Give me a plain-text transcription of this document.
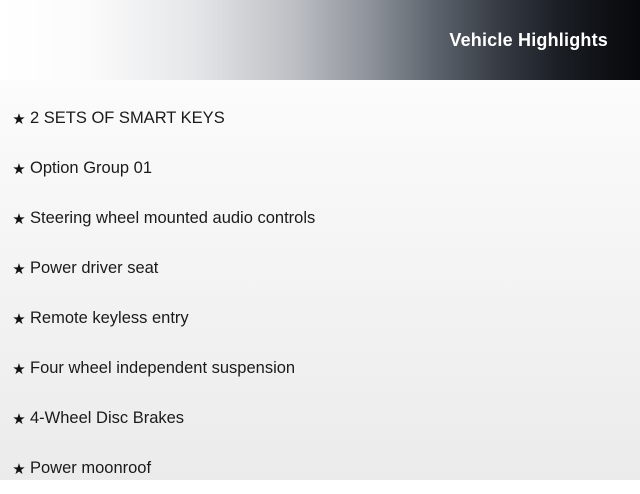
Vehicle Highlights
★ 2 SETS OF SMART KEYS
★ Option Group 01
★ Steering wheel mounted audio controls
★ Power driver seat
★ Remote keyless entry
★ Four wheel independent suspension
★ 4-Wheel Disc Brakes
★ Power moonroof
